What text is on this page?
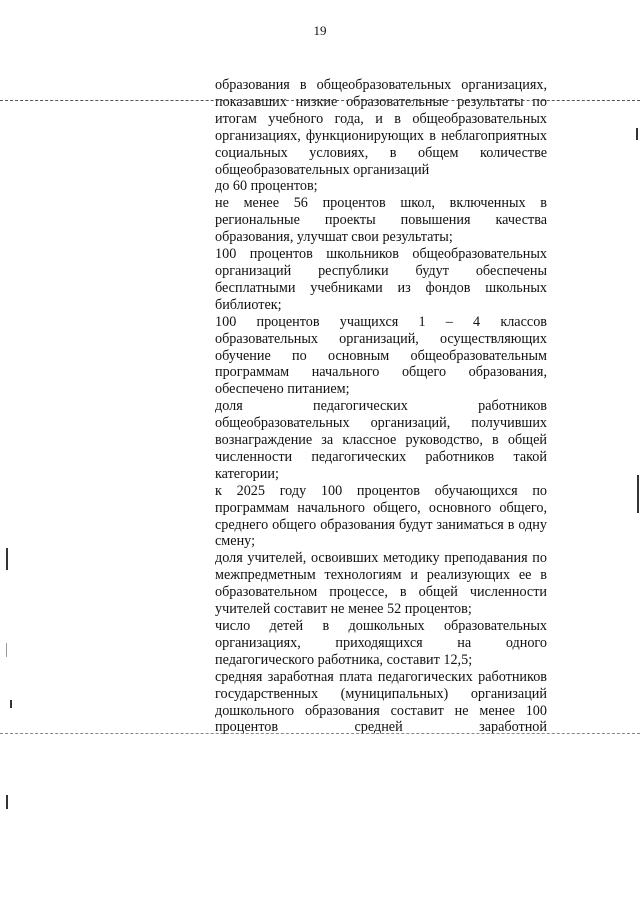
19

образования в общеобразовательных организациях, показавших низкие образовательные результаты по итогам учебного года, и в общеобразовательных организациях, функционирующих в неблагоприятных социальных условиях, в общем количестве общеобразовательных организаций

до 60 процентов;

не менее 56 процентов школ, включенных в региональные проекты повышения качества образования, улучшат свои результаты;

100 процентов школьников общеобразовательных организаций республики будут обеспечены бесплатными учебниками из фондов школьных библиотек;

100 процентов учащихся 1 – 4 классов образовательных организаций, осуществляющих обучение по основным общеобразовательным программам начального общего образования, обеспечено питанием;

доля педагогических работников общеобразовательных организаций, получивших вознаграждение за классное руководство, в общей численности педагогических работников такой категории;

к 2025 году 100 процентов обучающихся по программам начального общего, основного общего, среднего общего образования будут заниматься в одну смену;

доля учителей, освоивших методику преподавания по межпредметным технологиям и реализующих ее в образовательном процессе, в общей численности учителей составит не менее 52 процентов;

число детей в дошкольных образовательных организациях, приходящихся на одного педагогического работника, составит 12,5;

средняя заработная плата педагогических работников государственных (муниципальных) организаций дошкольного образования составит не менее 100 процентов средней заработной
